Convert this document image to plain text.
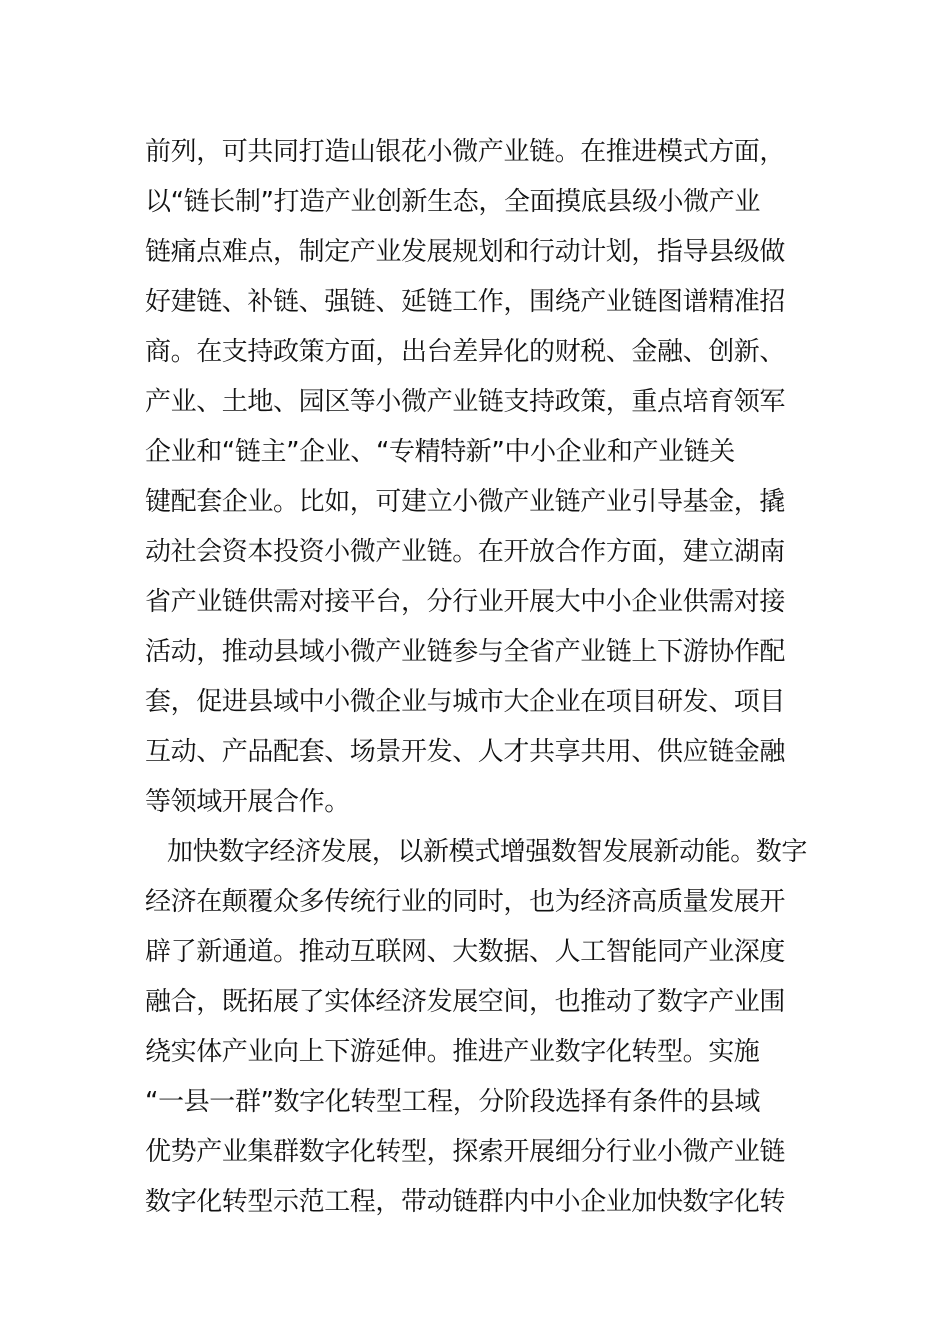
前列，可共同打造山银花小微产业链。在推进模式方面，
以“链长制”打造产业创新生态，全面摸底县级小微产业
链痛点难点，制定产业发展规划和行动计划，指导县级做
好建链、补链、强链、延链工作，围绕产业链图谱精准招
商。在支持政策方面，出台差异化的财税、金融、创新、
产业、土地、园区等小微产业链支持政策，重点培育领军
企业和“链主”企业、“专精特新”中小企业和产业链关
键配套企业。比如，可建立小微产业链产业引导基金，撬
动社会资本投资小微产业链。在开放合作方面，建立湖南
省产业链供需对接平台，分行业开展大中小企业供需对接
活动，推动县域小微产业链参与全省产业链上下游协作配
套，促进县域中小微企业与城市大企业在项目研发、项目
互动、产品配套、场景开发、人才共享共用、供应链金融
等领域开展合作。
加快数字经济发展，以新模式增强数智发展新动能。数字
经济在颠覆众多传统行业的同时，也为经济高质量发展开
辟了新通道。推动互联网、大数据、人工智能同产业深度
融合，既拓展了实体经济发展空间，也推动了数字产业围
绕实体产业向上下游延伸。推进产业数字化转型。实施
“一县一群”数字化转型工程，分阶段选择有条件的县域
优势产业集群数字化转型，探索开展细分行业小微产业链
数字化转型示范工程，带动链群内中小企业加快数字化转
